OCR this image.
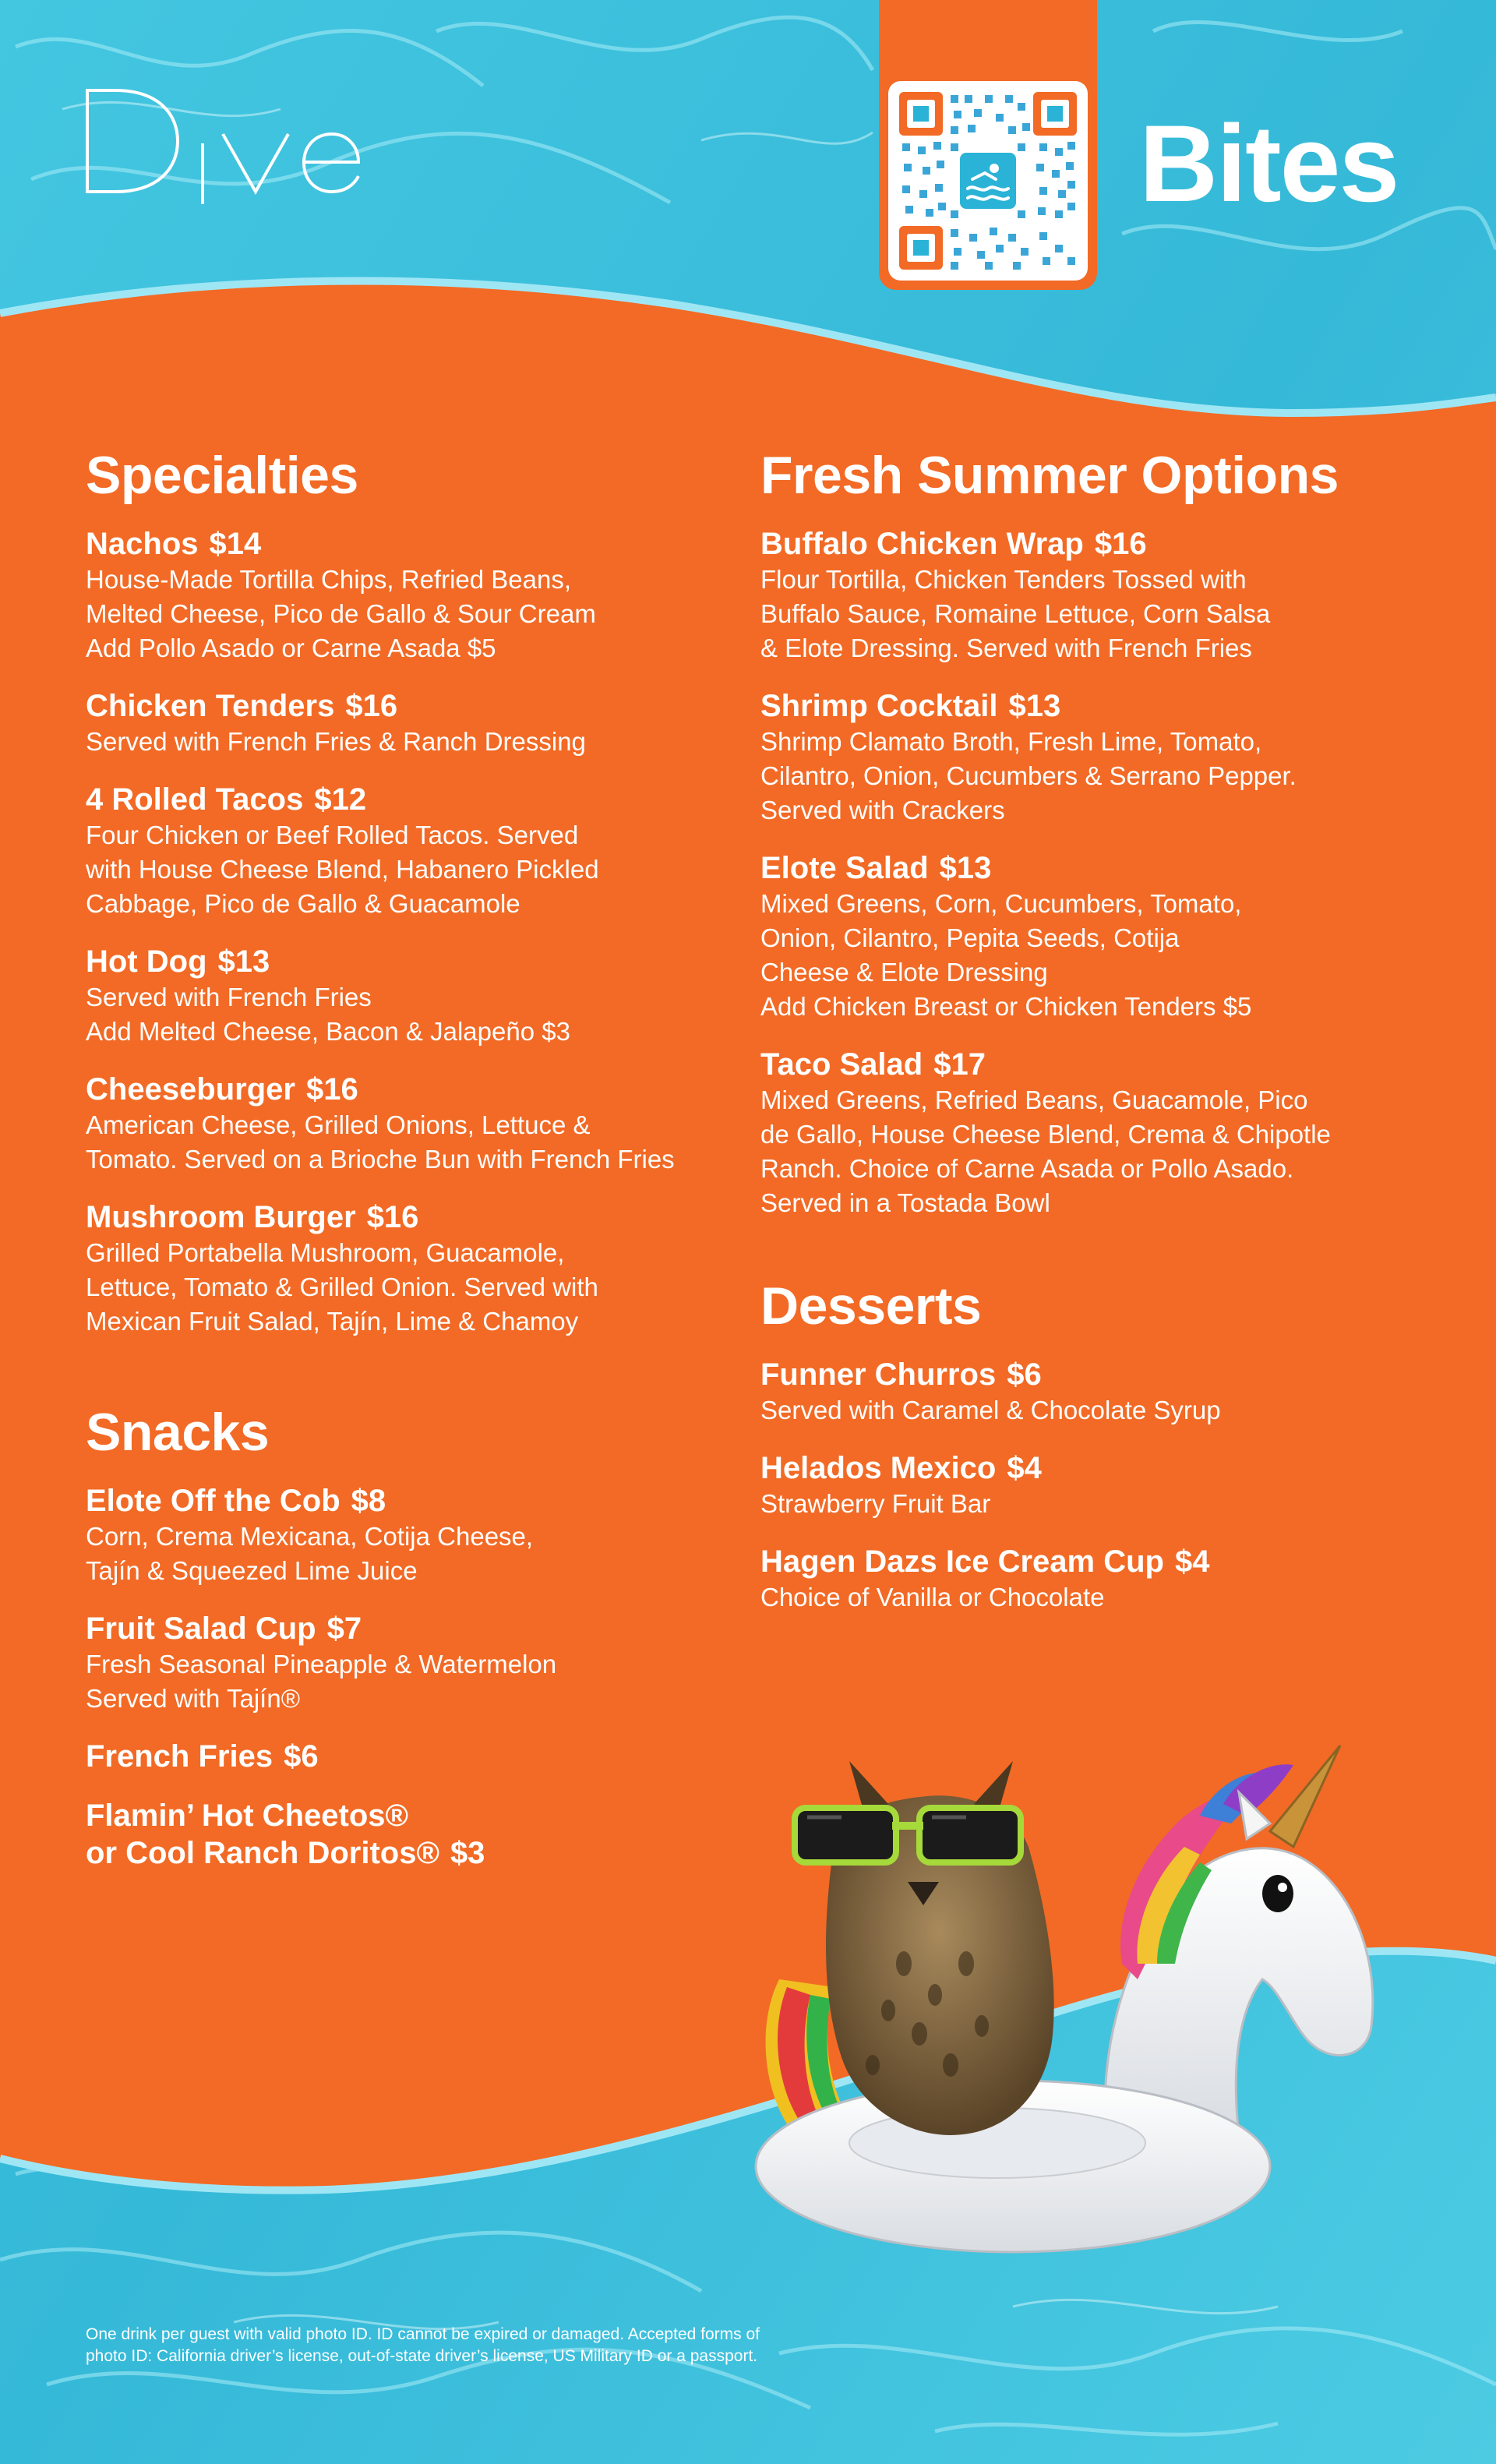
Bites
Specialties
Nachos $14
House-Made Tortilla Chips, Refried Beans,
Melted Cheese, Pico de Gallo & Sour Cream
Add Pollo Asado or Carne Asada $5
Chicken Tenders $16
Served with French Fries & Ranch Dressing
4 Rolled Tacos $12
Four Chicken or Beef Rolled Tacos. Served
with House Cheese Blend, Habanero Pickled
Cabbage, Pico de Gallo & Guacamole
Hot Dog $13
Served with French Fries
Add Melted Cheese, Bacon & Jalapeño $3
Cheeseburger $16
American Cheese, Grilled Onions, Lettuce &
Tomato. Served on a Brioche Bun with French Fries
Mushroom Burger $16
Grilled Portabella Mushroom, Guacamole,
Lettuce, Tomato & Grilled Onion. Served with
Mexican Fruit Salad, Tajín, Lime & Chamoy
Snacks
Elote Off the Cob $8
Corn, Crema Mexicana, Cotija Cheese,
Tajín & Squeezed Lime Juice
Fruit Salad Cup $7
Fresh Seasonal Pineapple & Watermelon
Served with Tajín®
French Fries $6
Flamin’ Hot Cheetos®
or Cool Ranch Doritos® $3
Fresh Summer Options
Buffalo Chicken Wrap $16
Flour Tortilla, Chicken Tenders Tossed with
Buffalo Sauce, Romaine Lettuce, Corn Salsa
& Elote Dressing. Served with French Fries
Shrimp Cocktail $13
Shrimp Clamato Broth, Fresh Lime, Tomato,
Cilantro, Onion, Cucumbers & Serrano Pepper.
Served with Crackers
Elote Salad $13
Mixed Greens, Corn, Cucumbers, Tomato,
Onion, Cilantro, Pepita Seeds, Cotija
Cheese & Elote Dressing
Add Chicken Breast or Chicken Tenders $5
Taco Salad $17
Mixed Greens, Refried Beans, Guacamole, Pico
de Gallo, House Cheese Blend, Crema & Chipotle
Ranch. Choice of Carne Asada or Pollo Asado.
Served in a Tostada Bowl
Desserts
Funner Churros $6
Served with Caramel & Chocolate Syrup
Helados Mexico $4
Strawberry Fruit Bar
Hagen Dazs Ice Cream Cup $4
Choice of Vanilla or Chocolate
One drink per guest with valid photo ID. ID cannot be expired or damaged. Accepted forms of
photo ID: California driver’s license, out-of-state driver’s license, US Military ID or a passport.
